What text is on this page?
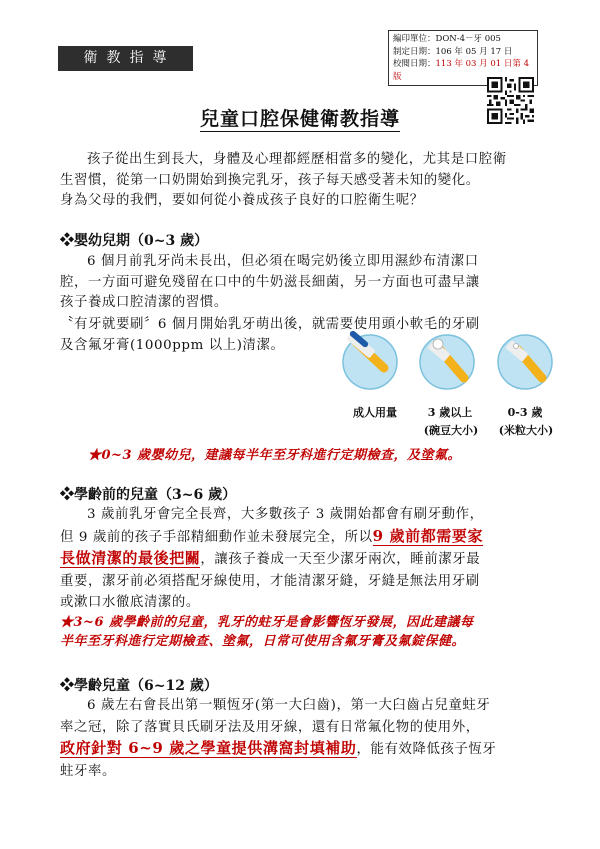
衛教指導
編印單位：DON-4－牙 005
制定日期：106 年 05 月 17 日
校閱日期：113 年 03 月 01 日第 4 版
兒童口腔保健衛教指導
孩子從出生到長大，身體及心理都經歷相當多的變化，尤其是口腔衛
生習慣，從第一口奶開始到換完乳牙，孩子每天感受著未知的變化。
身為父母的我們，要如何從小養成孩子良好的口腔衛生呢？
❖嬰幼兒期（0~3 歲）
6 個月前乳牙尚未長出，但必須在喝完奶後立即用濕紗布清潔口
腔，一方面可避免殘留在口中的牛奶滋長細菌，另一方面也可盡早讓
孩子養成口腔清潔的習慣。
〝有牙就要刷〞6 個月開始乳牙萌出後，就需要使用頭小軟毛的牙刷
及含氟牙膏(1000ppm 以上)清潔。
成人用量	3 歲以上
(碗豆大小)
0-3 歲
(米粒大小)
★0~3 歲嬰幼兒，建議每半年至牙科進行定期檢查，及塗氟。
❖學齡前的兒童（3~6 歲）
3 歲前乳牙會完全長齊，大多數孩子 3 歲開始都會有刷牙動作，
但 9 歲前的孩子手部精細動作並未發展完全，所以9 歲前都需要家
長做清潔的最後把關，讓孩子養成一天至少潔牙兩次，睡前潔牙最
重要，潔牙前必須搭配牙線使用，才能清潔牙縫，牙縫是無法用牙刷
或漱口水徹底清潔的。
★3~6 歲學齡前的兒童，乳牙的蛀牙是會影響恆牙發展，因此建議每
半年至牙科進行定期檢查、塗氟，日常可使用含氟牙膏及氟錠保健。
❖學齡兒童（6~12 歲）
6 歲左右會長出第一顆恆牙(第一大臼齒)，第一大臼齒占兒童蛀牙
率之冠，除了落實貝氏刷牙法及用牙線，還有日常氟化物的使用外，
政府針對 6~9 歲之學童提供溝窩封填補助，能有效降低孩子恆牙
蛀牙率。
